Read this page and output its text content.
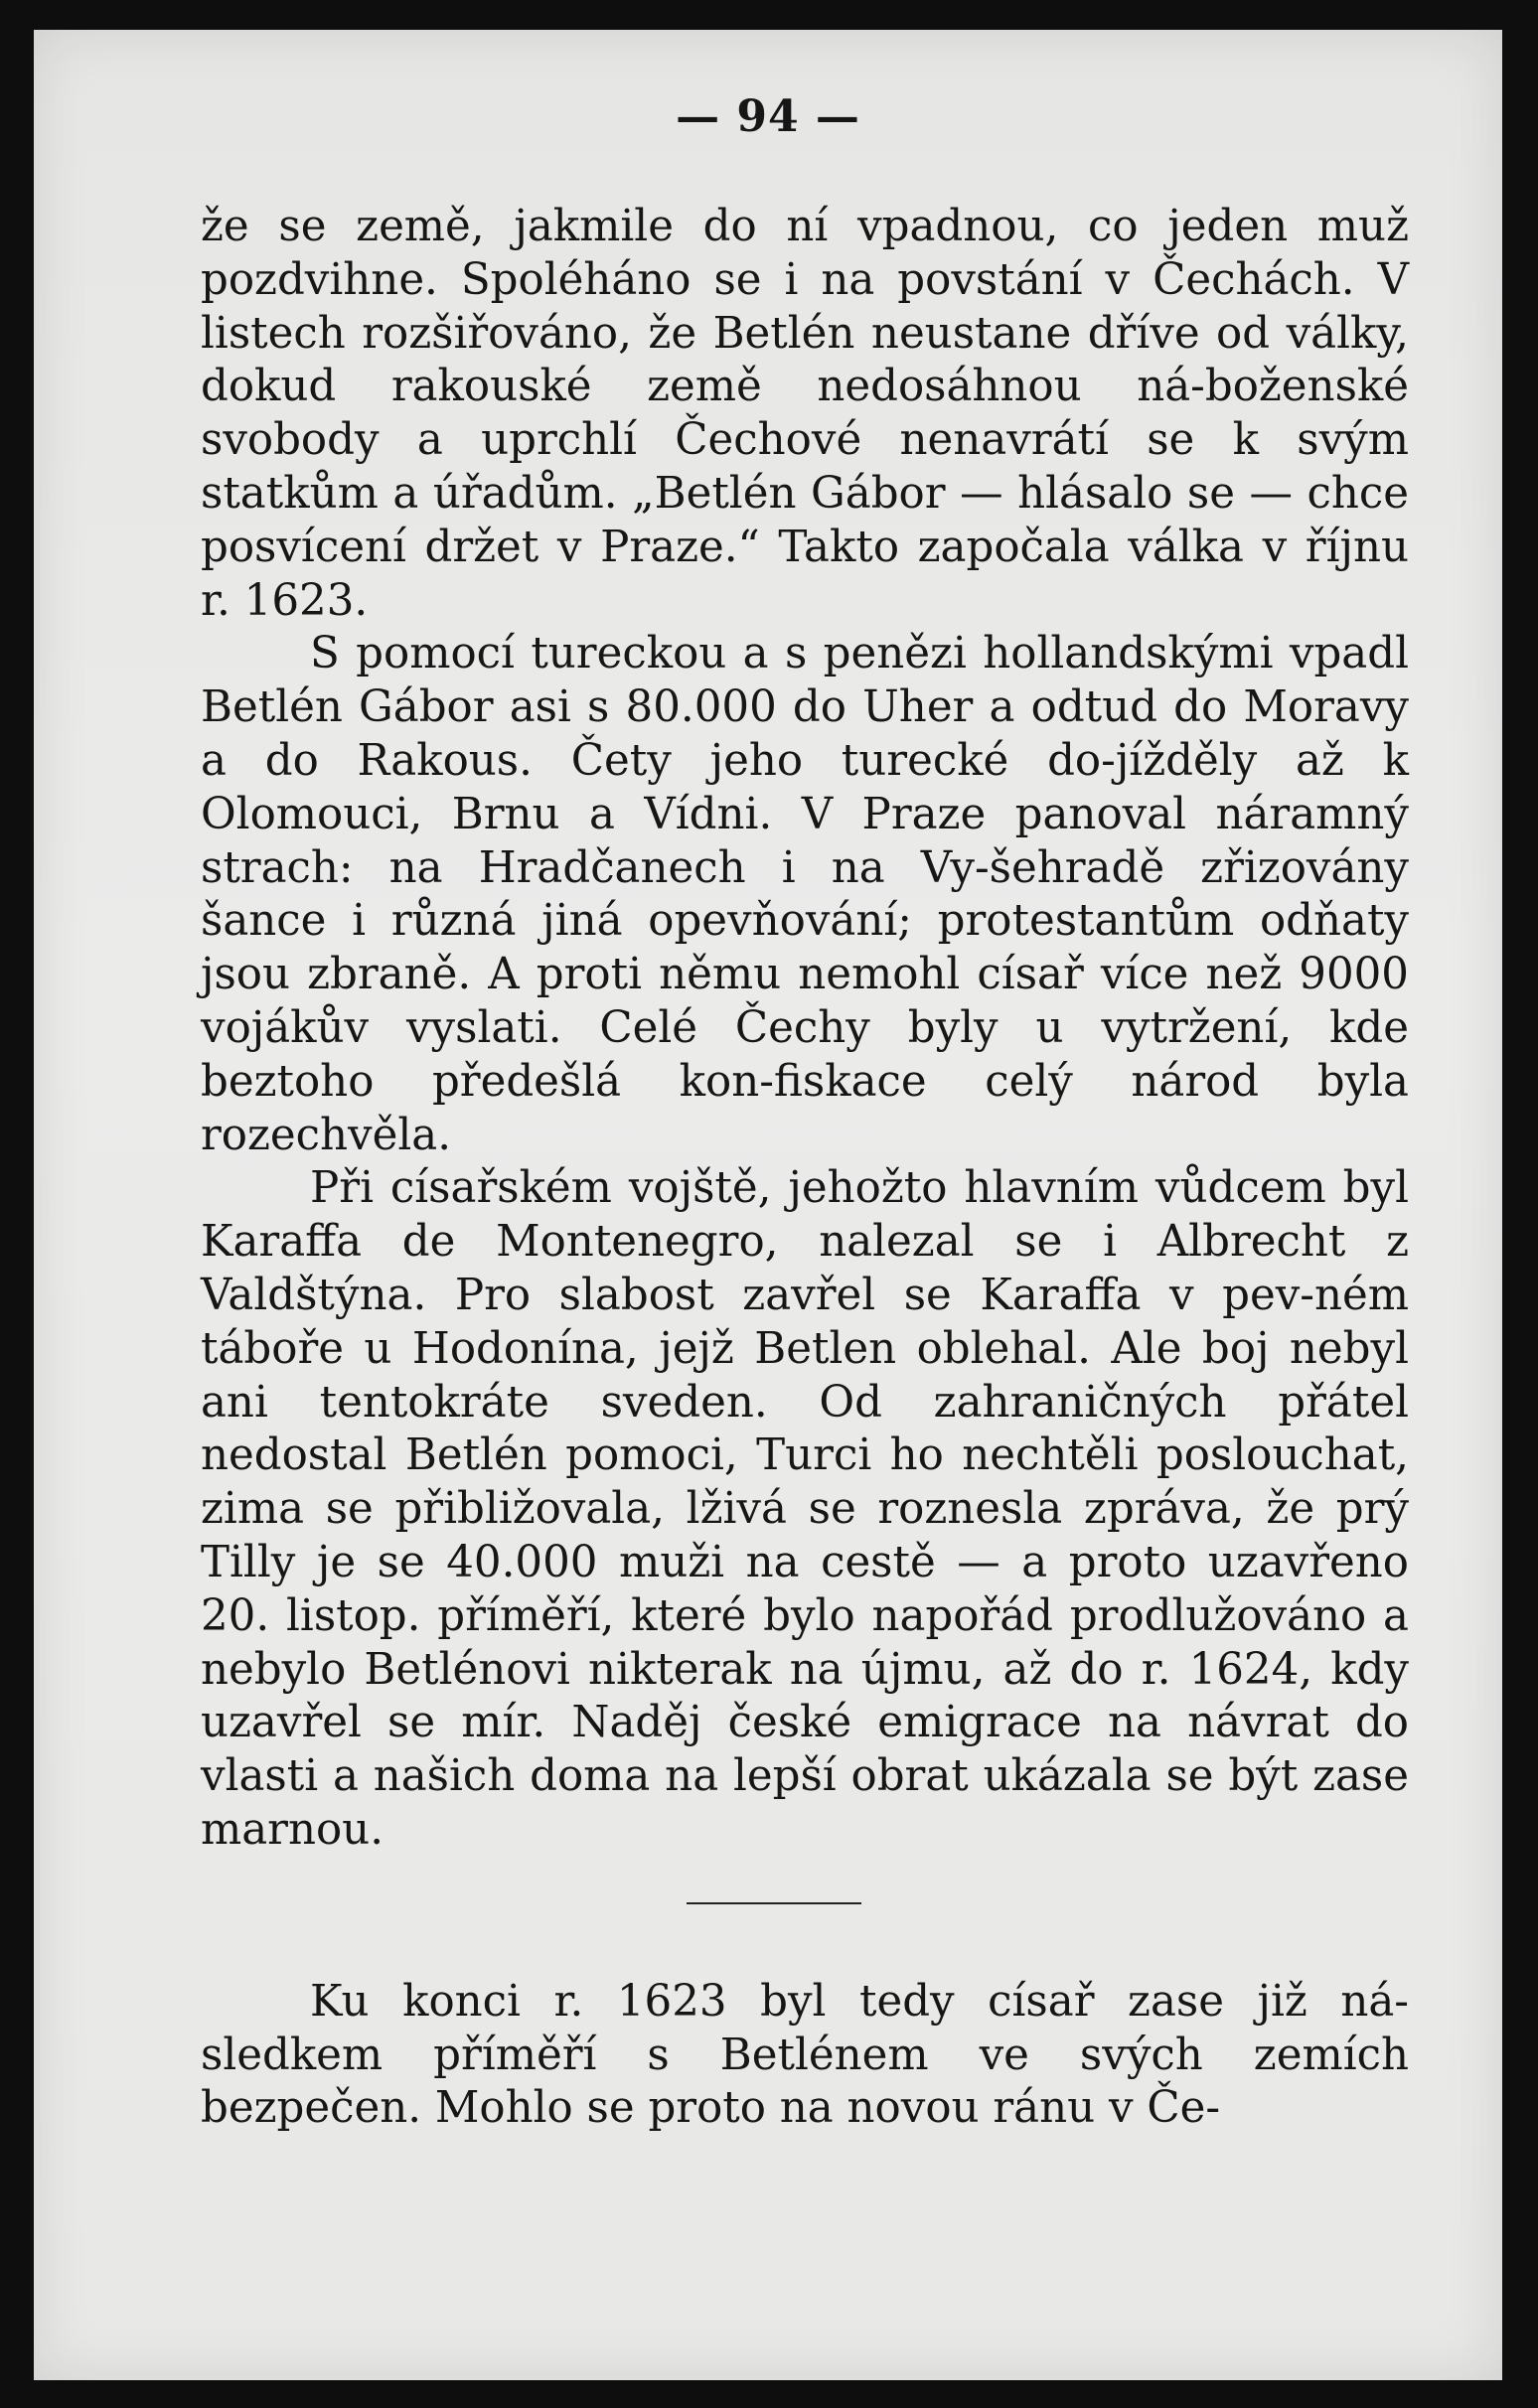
— 94 —

že se země, jakmile do ní vpadnou, co jeden muž pozdvihne. Spoléháno se i na povstání v Čechách. V listech rozšiřováno, že Betlén neustane dříve od války, dokud rakouské země nedosáhnou ná-boženské svobody a uprchlí Čechové nenavrátí se k svým statkům a úřadům. „Betlén Gábor — hlásalo se — chce posvícení držet v Praze.“ Takto započala válka v říjnu r. 1623.

S pomocí tureckou a s penězi hollandskými vpadl Betlén Gábor asi s 80.000 do Uher a odtud do Moravy a do Rakous. Čety jeho turecké do-jížděly až k Olomouci, Brnu a Vídni. V Praze panoval náramný strach: na Hradčanech i na Vy-šehradě zřizovány šance i různá jiná opevňování; protestantům odňaty jsou zbraně. A proti němu nemohl císař více než 9000 vojákův vyslati. Celé Čechy byly u vytržení, kde beztoho předešlá kon-fiskace celý národ byla rozechvěla.

Při císařském vojště, jehožto hlavním vůdcem byl Karaffa de Montenegro, nalezal se i Albrecht z Valdštýna. Pro slabost zavřel se Karaffa v pev-ném táboře u Hodonína, jejž Betlen oblehal. Ale boj nebyl ani tentokráte sveden. Od zahraničných přátel nedostal Betlén pomoci, Turci ho nechtěli poslouchat, zima se přibližovala, lživá se roznesla zpráva, že prý Tilly je se 40.000 muži na cestě — a proto uzavřeno 20. listop. příměří, které bylo napořád prodlužováno a nebylo Betlénovi nikterak na újmu, až do r. 1624, kdy uzavřel se mír. Naděj české emigrace na návrat do vlasti a našich doma na lepší obrat ukázala se být zase marnou.

Ku konci r. 1623 byl tedy císař zase již ná-sledkem příměří s Betlénem ve svých zemích bezpečen. Mohlo se proto na novou ránu v Če-
